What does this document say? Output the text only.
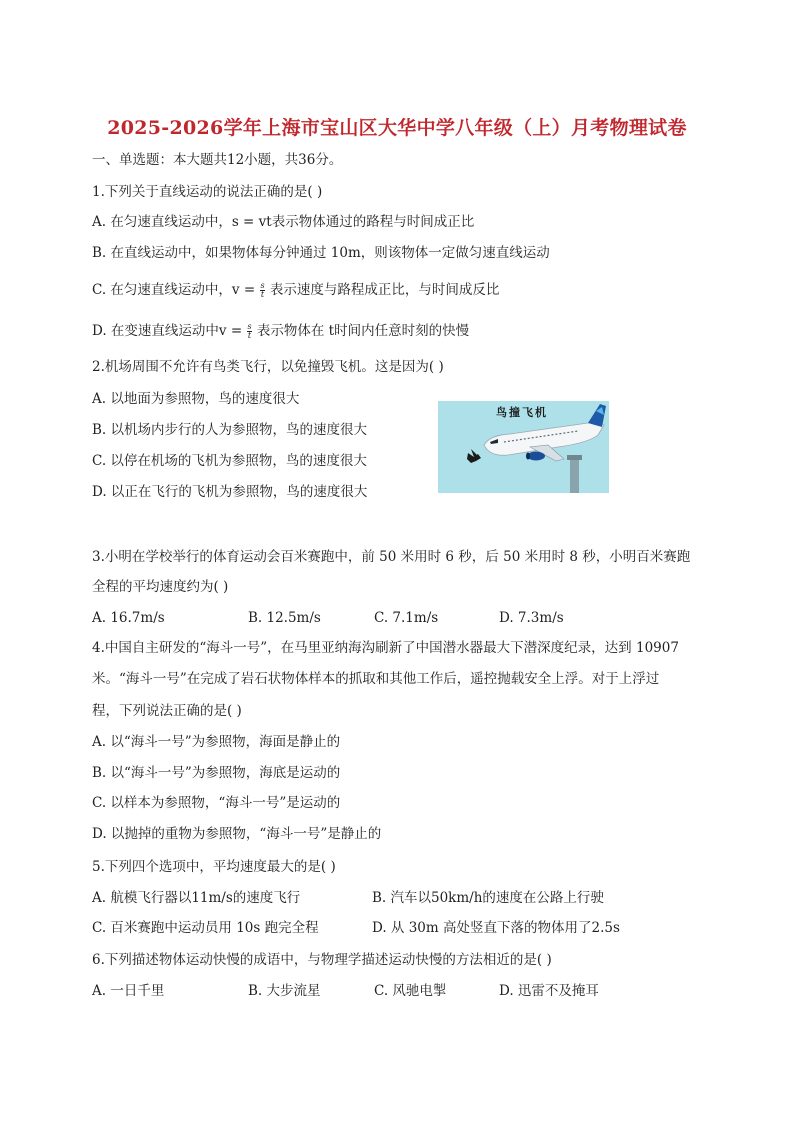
2025-2026学年上海市宝山区大华中学八年级（上）月考物理试卷
一、单选题：本大题共12小题，共36分。
1.下列关于直线运动的说法正确的是( )
A. 在匀速直线运动中，s = vt表示物体通过的路程与时间成正比
B. 在直线运动中，如果物体每分钟通过 10m，则该物体一定做匀速直线运动
C. 在匀速直线运动中，$v = \frac{s}{t}$ 表示速度与路程成正比，与时间成反比
D. 在变速直线运动中$v = \frac{s}{t}$ 表示物体在 t时间内任意时刻的快慢
2.机场周围不允许有鸟类飞行，以免撞毁飞机。这是因为( )
A. 以地面为参照物，鸟的速度很大
B. 以机场内步行的人为参照物，鸟的速度很大
C. 以停在机场的飞机为参照物，鸟的速度很大
D. 以正在飞行的飞机为参照物，鸟的速度很大
鸟撞飞机
3.小明在学校举行的体育运动会百米赛跑中，前 50 米用时 6 秒，后 50 米用时 8 秒，小明百米赛跑
全程的平均速度约为( )
A. 16.7m/s	B. 12.5m/s	C. 7.1m/s	D. 7.3m/s
4.中国自主研发的“海斗一号”，在马里亚纳海沟刷新了中国潜水器最大下潜深度纪录，达到 10907
米。“海斗一号”在完成了岩石状物体样本的抓取和其他工作后，遥控抛载安全上浮。对于上浮过
程，下列说法正确的是( )
A. 以“海斗一号”为参照物，海面是静止的
B. 以“海斗一号”为参照物，海底是运动的
C. 以样本为参照物，“海斗一号”是运动的
D. 以抛掉的重物为参照物，“海斗一号”是静止的
5.下列四个选项中，平均速度最大的是( )
A. 航模飞行器以11m/s的速度飞行	B. 汽车以50km/h的速度在公路上行驶
C. 百米赛跑中运动员用 10s 跑完全程	D. 从 30m 高处竖直下落的物体用了2.5s
6.下列描述物体运动快慢的成语中，与物理学描述运动快慢的方法相近的是( )
A. 一日千里	B. 大步流星	C. 风驰电掣	D. 迅雷不及掩耳
